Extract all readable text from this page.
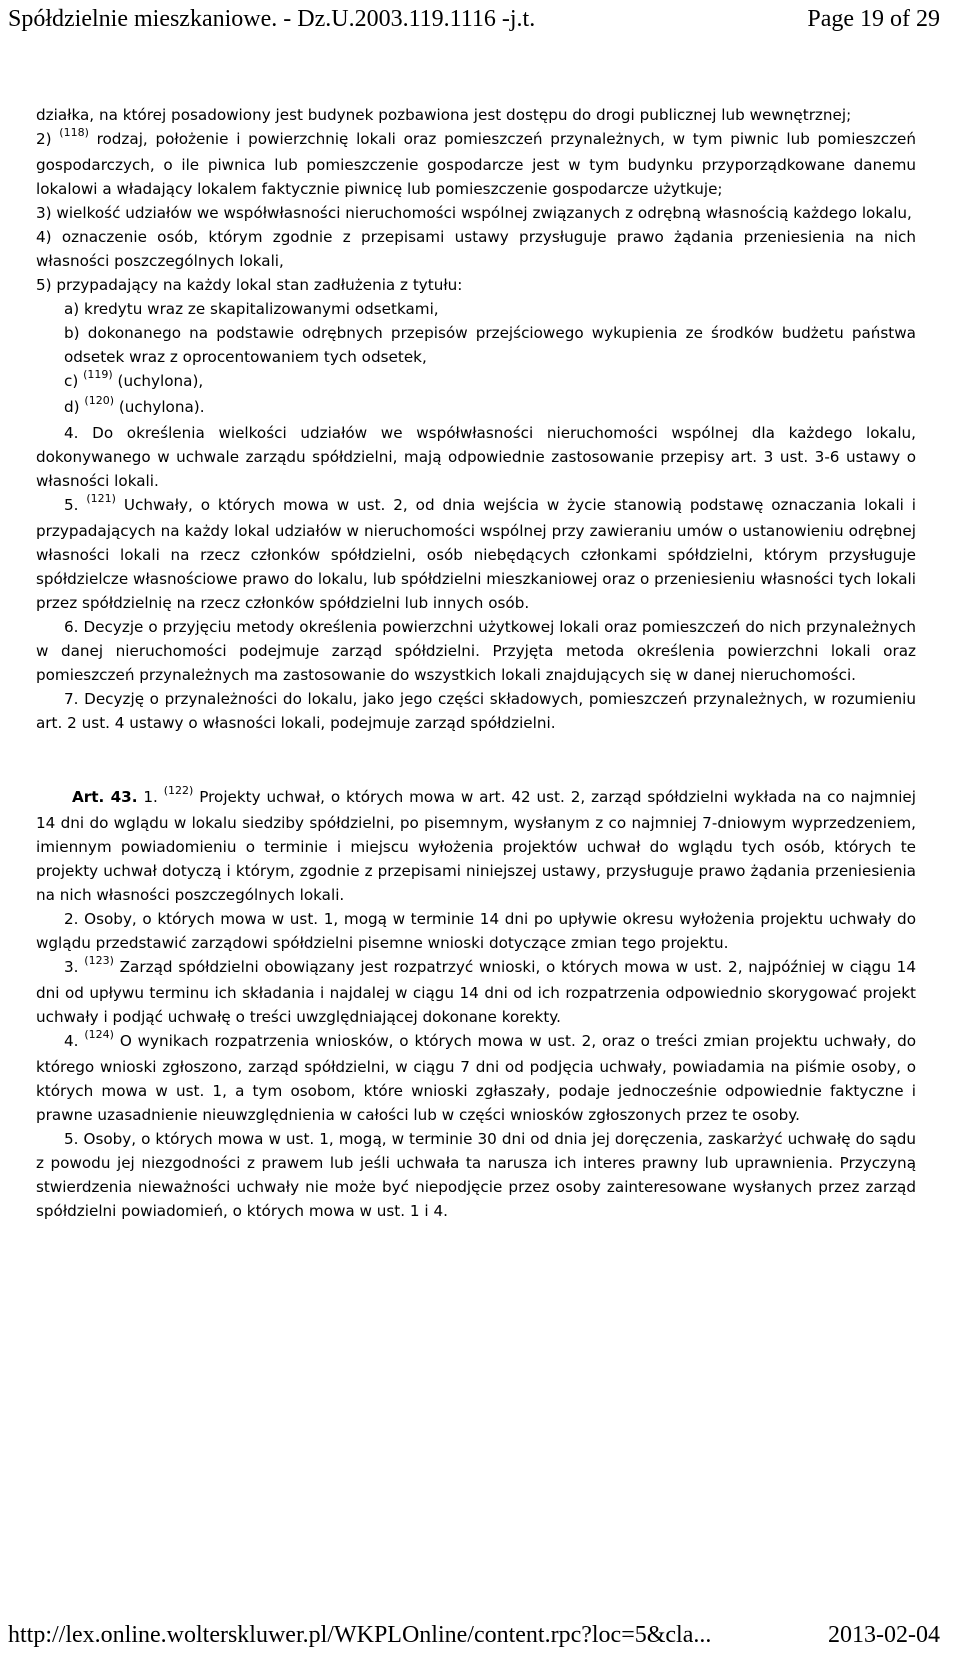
Spółdzielnie mieszkaniowe. - Dz.U.2003.119.1116 -j.t.	Page 19 of 29

działka, na której posadowiony jest budynek pozbawiona jest dostępu do drogi publicznej lub wewnętrznej;

2) $^{(118)}$ rodzaj, położenie i powierzchnię lokali oraz pomieszczeń przynależnych, w tym piwnic lub pomieszczeń gospodarczych, o ile piwnica lub pomieszczenie gospodarcze jest w tym budynku przyporządkowane danemu lokalowi a władający lokalem faktycznie piwnicę lub pomieszczenie gospodarcze użytkuje;

3) wielkość udziałów we współwłasności nieruchomości wspólnej związanych z odrębną własnością każdego lokalu,

4) oznaczenie osób, którym zgodnie z przepisami ustawy przysługuje prawo żądania przeniesienia na nich własności poszczególnych lokali,

5) przypadający na każdy lokal stan zadłużenia z tytułu:

a) kredytu wraz ze skapitalizowanymi odsetkami,

b) dokonanego na podstawie odrębnych przepisów przejściowego wykupienia ze środków budżetu państwa odsetek wraz z oprocentowaniem tych odsetek,

c) $^{(119)}$ (uchylona),

d) $^{(120)}$ (uchylona).

4. Do określenia wielkości udziałów we współwłasności nieruchomości wspólnej dla każdego lokalu, dokonywanego w uchwale zarządu spółdzielni, mają odpowiednie zastosowanie przepisy art. 3 ust. 3-6 ustawy o własności lokali.

5. $^{(121)}$ Uchwały, o których mowa w ust. 2, od dnia wejścia w życie stanowią podstawę oznaczania lokali i przypadających na każdy lokal udziałów w nieruchomości wspólnej przy zawieraniu umów o ustanowieniu odrębnej własności lokali na rzecz członków spółdzielni, osób niebędących członkami spółdzielni, którym przysługuje spółdzielcze własnościowe prawo do lokalu, lub spółdzielni mieszkaniowej oraz o przeniesieniu własności tych lokali przez spółdzielnię na rzecz członków spółdzielni lub innych osób.

6. Decyzje o przyjęciu metody określenia powierzchni użytkowej lokali oraz pomieszczeń do nich przynależnych w danej nieruchomości podejmuje zarząd spółdzielni. Przyjęta metoda określenia powierzchni lokali oraz pomieszczeń przynależnych ma zastosowanie do wszystkich lokali znajdujących się w danej nieruchomości.

7. Decyzję o przynależności do lokalu, jako jego części składowych, pomieszczeń przynależnych, w rozumieniu art. 2 ust. 4 ustawy o własności lokali, podejmuje zarząd spółdzielni.

Art. 43. 1. $^{(122)}$ Projekty uchwał, o których mowa w art. 42 ust. 2, zarząd spółdzielni wykłada na co najmniej 14 dni do wglądu w lokalu siedziby spółdzielni, po pisemnym, wysłanym z co najmniej 7-dniowym wyprzedzeniem, imiennym powiadomieniu o terminie i miejscu wyłożenia projektów uchwał do wglądu tych osób, których te projekty uchwał dotyczą i którym, zgodnie z przepisami niniejszej ustawy, przysługuje prawo żądania przeniesienia na nich własności poszczególnych lokali.

2. Osoby, o których mowa w ust. 1, mogą w terminie 14 dni po upływie okresu wyłożenia projektu uchwały do wglądu przedstawić zarządowi spółdzielni pisemne wnioski dotyczące zmian tego projektu.

3. $^{(123)}$ Zarząd spółdzielni obowiązany jest rozpatrzyć wnioski, o których mowa w ust. 2, najpóźniej w ciągu 14 dni od upływu terminu ich składania i najdalej w ciągu 14 dni od ich rozpatrzenia odpowiednio skorygować projekt uchwały i podjąć uchwałę o treści uwzględniającej dokonane korekty.

4. $^{(124)}$ O wynikach rozpatrzenia wniosków, o których mowa w ust. 2, oraz o treści zmian projektu uchwały, do którego wnioski zgłoszono, zarząd spółdzielni, w ciągu 7 dni od podjęcia uchwały, powiadamia na piśmie osoby, o których mowa w ust. 1, a tym osobom, które wnioski zgłaszały, podaje jednocześnie odpowiednie faktyczne i prawne uzasadnienie nieuwzględnienia w całości lub w części wniosków zgłoszonych przez te osoby.

5. Osoby, o których mowa w ust. 1, mogą, w terminie 30 dni od dnia jej doręczenia, zaskarżyć uchwałę do sądu z powodu jej niezgodności z prawem lub jeśli uchwała ta narusza ich interes prawny lub uprawnienia. Przyczyną stwierdzenia nieważności uchwały nie może być niepodjęcie przez osoby zainteresowane wysłanych przez zarząd spółdzielni powiadomień, o których mowa w ust. 1 i 4.

http://lex.online.wolterskluwer.pl/WKPLOnline/content.rpc?loc=5&cla...	2013-02-04
